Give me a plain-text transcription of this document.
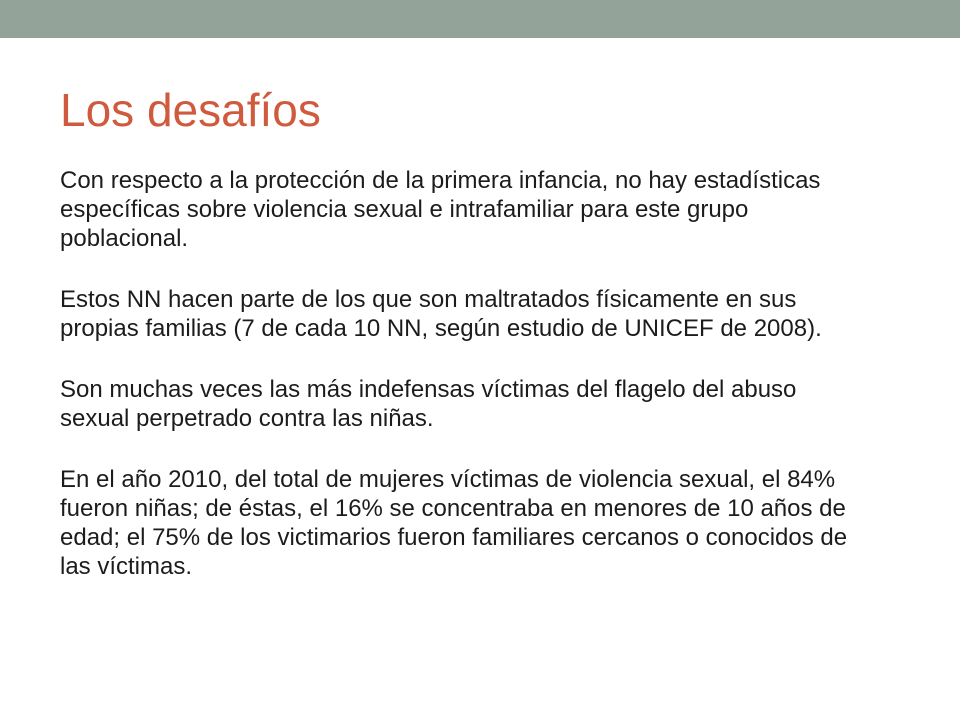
Los desafíos

Con respecto a la protección de la primera infancia, no hay estadísticas específicas sobre violencia sexual e intrafamiliar para este grupo poblacional.

Estos NN hacen parte de los que son maltratados físicamente en sus propias familias (7 de cada 10 NN, según estudio de UNICEF de 2008).

Son muchas veces las más indefensas víctimas del flagelo del abuso sexual perpetrado contra las niñas.

En el año 2010, del total de mujeres víctimas de violencia sexual, el 84% fueron niñas; de éstas, el 16% se concentraba en menores de 10 años de edad; el 75% de los victimarios fueron familiares cercanos o conocidos de las víctimas.
